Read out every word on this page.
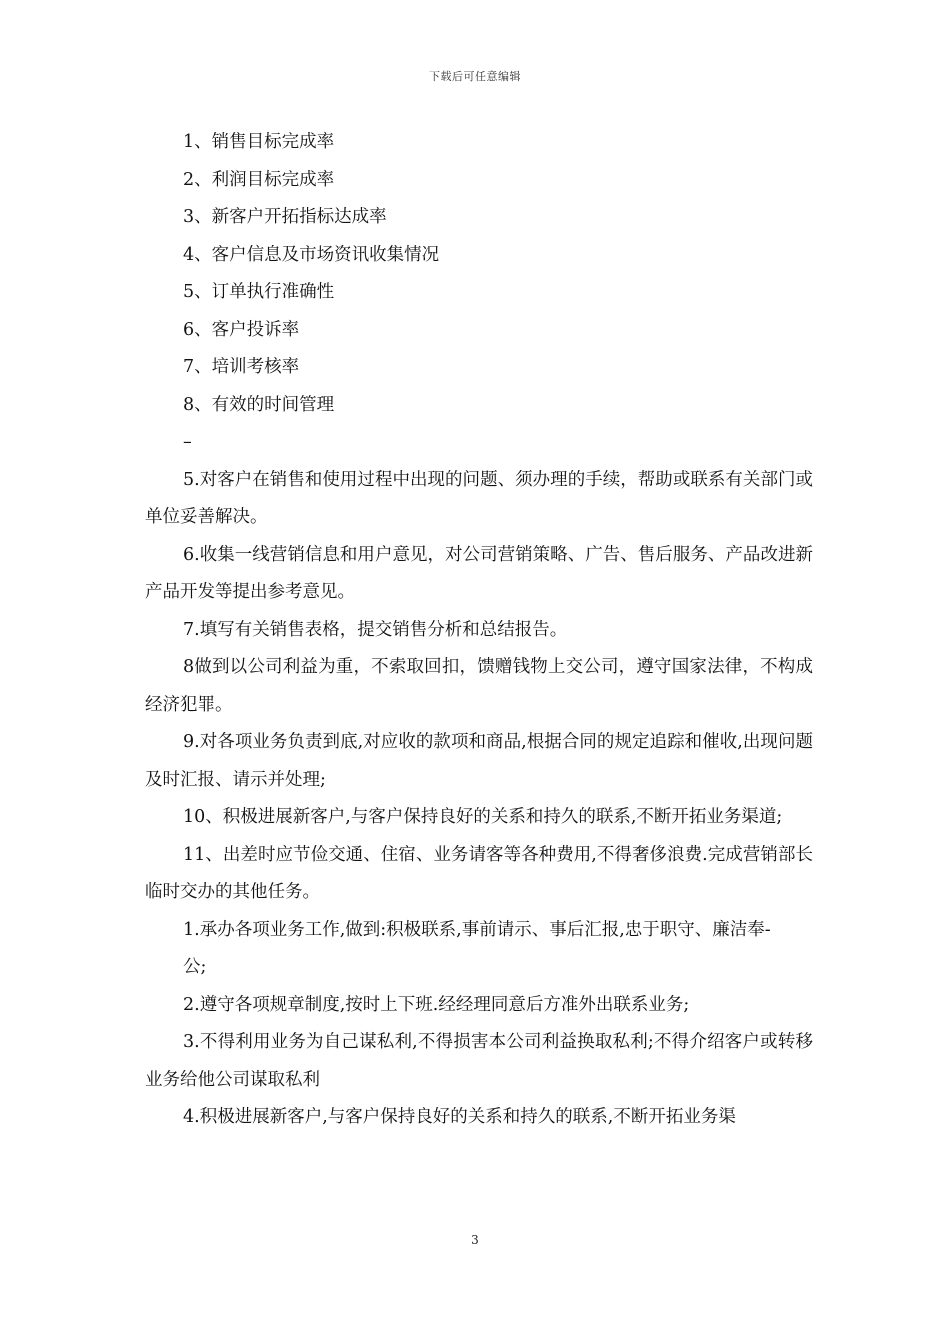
下载后可任意编辑
1、销售目标完成率
2、利润目标完成率
3、新客户开拓指标达成率
4、客户信息及市场资讯收集情况
5、订单执行准确性
6、客户投诉率
7、培训考核率
8、有效的时间管理
–
5.对客户在销售和使用过程中出现的问题、须办理的手续，帮助或联系有关部门或单位妥善解决。
6.收集一线营销信息和用户意见，对公司营销策略、广告、售后服务、产品改进新产品开发等提出参考意见。
7.填写有关销售表格，提交销售分析和总结报告。
8做到以公司利益为重，不索取回扣，馈赠钱物上交公司，遵守国家法律，不构成经济犯罪。
9.对各项业务负责到底,对应收的款项和商品,根据合同的规定追踪和催收,出现问题及时汇报、请示并处理;
10、积极进展新客户,与客户保持良好的关系和持久的联系,不断开拓业务渠道;
11、出差时应节俭交通、住宿、业务请客等各种费用,不得奢侈浪费.完成营销部长临时交办的其他任务。
1.承办各项业务工作,做到:积极联系,事前请示、事后汇报,忠于职守、廉洁奉-
公;
2.遵守各项规章制度,按时上下班.经经理同意后方准外出联系业务;
3.不得利用业务为自己谋私利,不得损害本公司利益换取私利;不得介绍客户或转移业务给他公司谋取私利
4.积极进展新客户,与客户保持良好的关系和持久的联系,不断开拓业务渠
3
